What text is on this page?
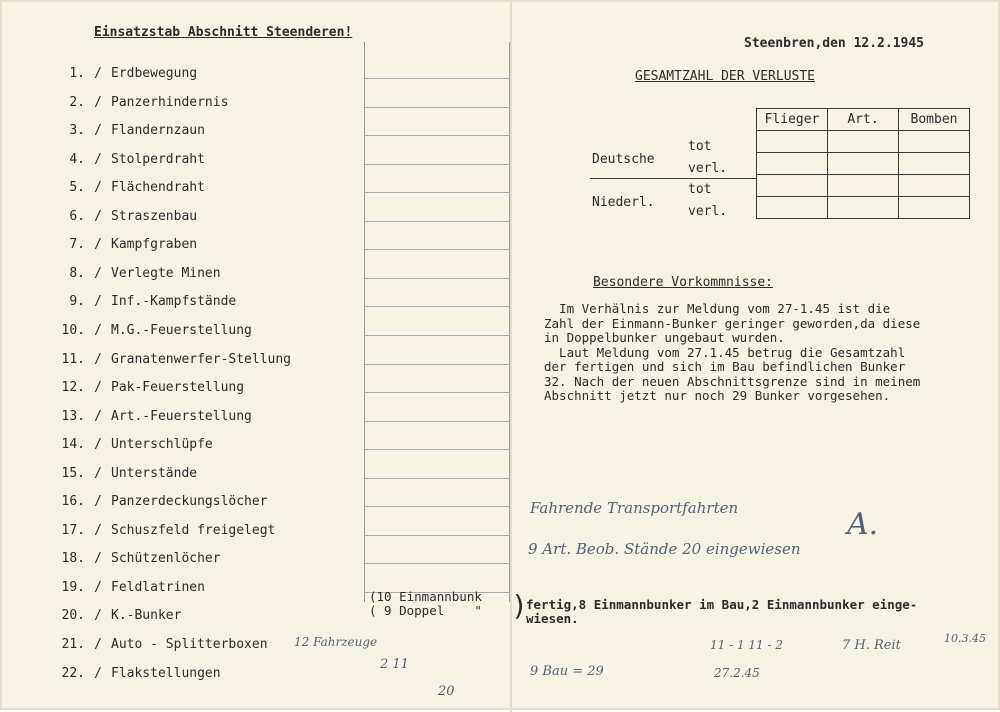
Einsatzstab Abschnitt Steenderen!
1. / Erdbewegung
2. / Panzerhindernis
3. / Flandernzaun
4. / Stolperdraht
5. / Flächendraht
6. / Straszenbau
7. / Kampfgraben
8. / Verlegte Minen
9. / Inf.-Kampfstände
10. / M.G.-Feuerstellung
11. / Granatenwerfer-Stellung
12. / Pak-Feuerstellung
13. / Art.-Feuerstellung
14. / Unterschlüpfe
15. / Unterstände
16. / Panzerdeckungslöcher
17. / Schuszfeld freigelegt
18. / Schützenlöcher
19. / Feldlatrinen
20. / K.-Bunker
21. / Auto - Splitterboxen
22. / Flakstellungen
Steenbren,den 12.2.1945
GESAMTZAHL DER VERLUSTE
Flieger	Art.	Bomben

Deutsche
tot
verl.
Niederl.
tot
verl.
Besondere Vorkommnisse:

Im Verhälnis zur Meldung vom 27-1.45 ist die

Zahl der Einmann-Bunker geringer geworden,da diese

in Doppelbunker ungebaut wurden.

Laut Meldung vom 27.1.45 betrug die Gesamtzahl

der fertigen und sich im Bau befindlichen Bunker

32. Nach der neuen Abschnittsgrenze sind in meinem

Abschnitt jetzt nur noch 29 Bunker vorgesehen.

(10 Einmannbunk
( 9 Doppel    " )
fertig,8 Einmannbunker im Bau,2 Einmannbunker einge-
wiesen.
Fahrende Transportfahrten
9 Art. Beob. Stände 20 eingewiesen
A.
12 Fahrzeuge
2 11
20
9 Bau = 29	27.2.45
11 - 1 11 - 2	7 H. Reit	10.3.45
